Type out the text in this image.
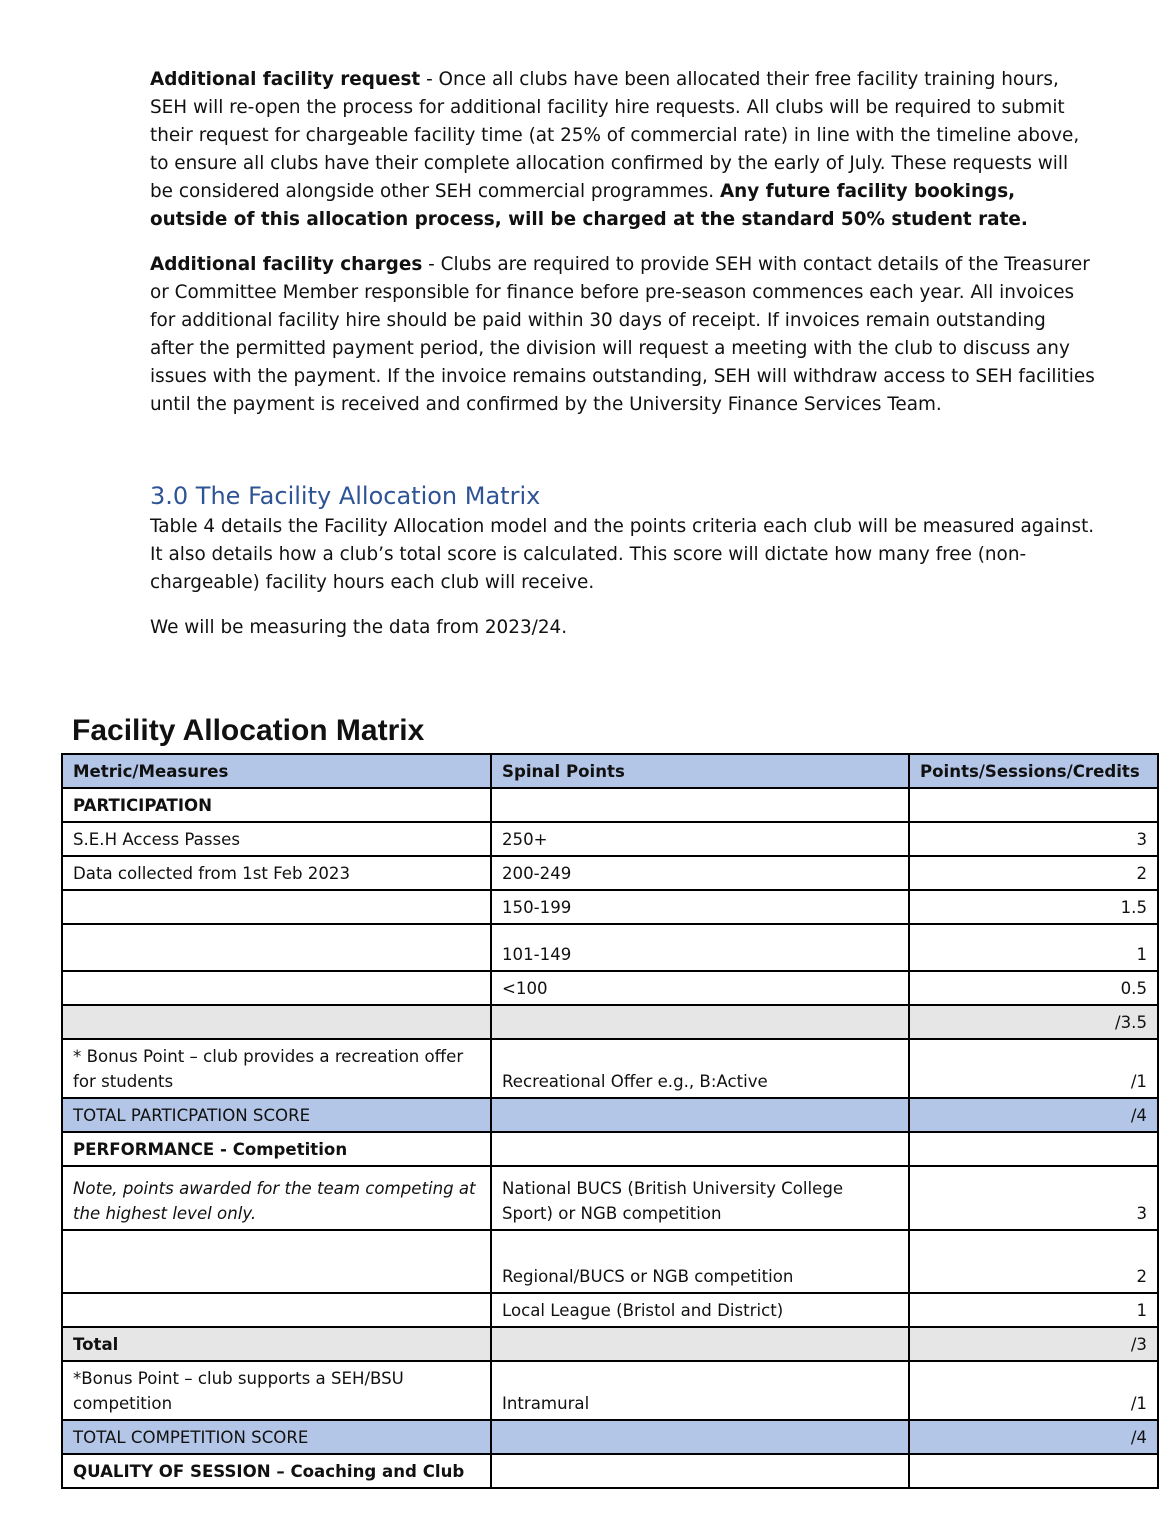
Additional facility request - Once all clubs have been allocated their free facility training hours, SEH will re-open the process for additional facility hire requests. All clubs will be required to submit their request for chargeable facility time (at 25% of commercial rate) in line with the timeline above, to ensure all clubs have their complete allocation confirmed by the early of July. These requests will be considered alongside other SEH commercial programmes. Any future facility bookings, outside of this allocation process, will be charged at the standard 50% student rate.

Additional facility charges - Clubs are required to provide SEH with contact details of the Treasurer or Committee Member responsible for finance before pre-season commences each year. All invoices for additional facility hire should be paid within 30 days of receipt. If invoices remain outstanding after the permitted payment period, the division will request a meeting with the club to discuss any issues with the payment. If the invoice remains outstanding, SEH will withdraw access to SEH facilities until the payment is received and confirmed by the University Finance Services Team.

3.0 The Facility Allocation Matrix

Table 4 details the Facility Allocation model and the points criteria each club will be measured against. It also details how a club’s total score is calculated. This score will dictate how many free (non-chargeable) facility hours each club will receive.

We will be measuring the data from 2023/24.

Facility Allocation Matrix
Metric/Measures	Spinal Points	Points/Sessions/Credits
PARTICIPATION		
S.E.H Access Passes	250+	3
Data collected from 1st Feb 2023	200-249	2
	150-199	1.5
	101-149	1
	<100	0.5
		/3.5
* Bonus Point – club provides a recreation offer for students	Recreational Offer e.g., B:Active	/1
TOTAL PARTICPATION SCORE		/4
PERFORMANCE - Competition		
Note, points awarded for the team competing at the highest level only.	National BUCS (British University College Sport) or NGB competition	3
	Regional/BUCS or NGB competition	2
	Local League (Bristol and District)	1
Total		/3
*Bonus Point – club supports a SEH/BSU competition	Intramural	/1
TOTAL COMPETITION SCORE		/4
QUALITY OF SESSION – Coaching and Club		
